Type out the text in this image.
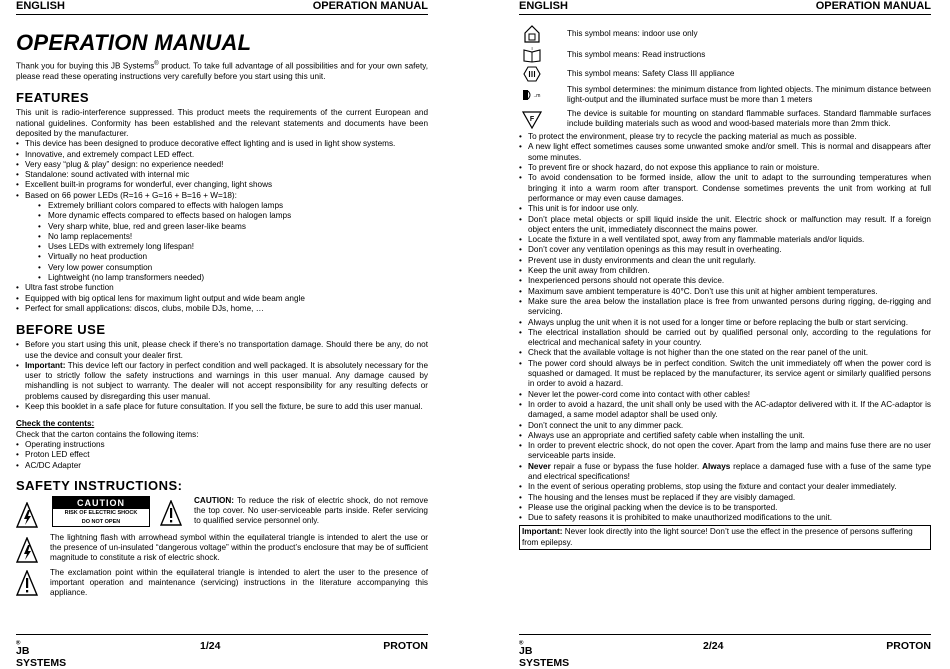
ENGLISH	OPERATION MANUAL
OPERATION MANUAL

Thank you for buying this JB Systems® product. To take full advantage of all possibilities and for your own safety, please read these operating instructions very carefully before you start using this unit.

FEATURES

This unit is radio-interference suppressed. This product meets the requirements of the current European and national guidelines. Conformity has been established and the relevant statements and documents have been deposited by the manufacturer.

• This device has been designed to produce decorative effect lighting and is used in light show systems.
• Innovative, and extremely compact LED effect.
• Very easy “plug & play” design: no experience needed!
• Standalone: sound activated with internal mic
• Excellent built-in programs for wonderful, ever changing, light shows
• Based on 66 power LEDs (R=16 + G=16 + B=16 + W=18):
• Extremely brilliant colors compared to effects with halogen lamps
• More dynamic effects compared to effects based on halogen lamps
• Very sharp white, blue, red and green laser-like beams
• No lamp replacements!
• Uses LEDs with extremely long lifespan!
• Virtually no heat production
• Very low power consumption
• Lightweight (no lamp transformers needed)
• Ultra fast strobe function
• Equipped with big optical lens for maximum light output and wide beam angle
• Perfect for small applications: discos, clubs, mobile DJs, home, …
BEFORE USE
• Before you start using this unit, please check if there’s no transportation damage. Should there be any, do not use the device and consult your dealer first.
• Important: This device left our factory in perfect condition and well packaged. It is absolutely necessary for the user to strictly follow the safety instructions and warnings in this user manual. Any damage caused by mishandling is not subject to warranty. The dealer will not accept responsibility for any resulting defects or problems caused by disregarding this user manual.
• Keep this booklet in a safe place for future consultation. If you sell the fixture, be sure to add this user manual.
Check the contents:

Check that the carton contains the following items:

• Operating instructions
• Proton LED effect
• AC/DC Adapter
SAFETY INSTRUCTIONS:
CAUTION
RISK OF ELECTRIC SHOCK
DO NOT OPEN

CAUTION: To reduce the risk of electric shock, do not remove the top cover. No user-serviceable parts inside. Refer servicing to qualified service personnel only.

The lightning flash with arrowhead symbol within the equilateral triangle is intended to alert the use or the presence of un-insulated “dangerous voltage” within the product’s enclosure that may be of sufficient magnitude to constitute a risk of electric shock.

The exclamation point within the equilateral triangle is intended to alert the user to the presence of important operation and maintenance (servicing) instructions in the literature accompanying this appliance.

JB SYSTEMS
®	1/24	PROTON
ENGLISH	OPERATION MANUAL
This symbol means: indoor use only
i
This symbol means: Read instructions
This symbol means: Safety Class III appliance
..m
This symbol determines: the minimum distance from lighted objects. The minimum distance between light-output and the illuminated surface must be more than 1 meters
F
The device is suitable for mounting on standard flammable surfaces. Standard flammable surfaces include building materials such as wood and wood-based materials more than 2mm thick.
• To protect the environment, please try to recycle the packing material as much as possible.
• A new light effect sometimes causes some unwanted smoke and/or smell. This is normal and disappears after some minutes.
• To prevent fire or shock hazard, do not expose this appliance to rain or moisture.
• To avoid condensation to be formed inside, allow the unit to adapt to the surrounding temperatures when bringing it into a warm room after transport. Condense sometimes prevents the unit from working at full performance or may even cause damages.
• This unit is for indoor use only.
• Don’t place metal objects or spill liquid inside the unit. Electric shock or malfunction may result. If a foreign object enters the unit, immediately disconnect the mains power.
• Locate the fixture in a well ventilated spot, away from any flammable materials and/or liquids.
• Don’t cover any ventilation openings as this may result in overheating.
• Prevent use in dusty environments and clean the unit regularly.
• Keep the unit away from children.
• Inexperienced persons should not operate this device.
• Maximum save ambient temperature is 40°C. Don’t use this unit at higher ambient temperatures.
• Make sure the area below the installation place is free from unwanted persons during rigging, de-rigging and servicing.
• Always unplug the unit when it is not used for a longer time or before replacing the bulb or start servicing.
• The electrical installation should be carried out by qualified personal only, according to the regulations for electrical and mechanical safety in your country.
• Check that the available voltage is not higher than the one stated on the rear panel of the unit.
• The power cord should always be in perfect condition. Switch the unit immediately off when the power cord is squashed or damaged. It must be replaced by the manufacturer, its service agent or similarly qualified persons in order to avoid a hazard.
• Never let the power-cord come into contact with other cables!
• In order to avoid a hazard, the unit shall only be used with the AC-adaptor delivered with it. If the AC-adaptor is damaged, a same model adaptor shall be used only.
• Don’t connect the unit to any dimmer pack.
• Always use an appropriate and certified safety cable when installing the unit.
• In order to prevent electric shock, do not open the cover. Apart from the lamp and mains fuse there are no user serviceable parts inside.
• Never repair a fuse or bypass the fuse holder. Always replace a damaged fuse with a fuse of the same type and electrical specifications!
• In the event of serious operating problems, stop using the fixture and contact your dealer immediately.
• The housing and the lenses must be replaced if they are visibly damaged.
• Please use the original packing when the device is to be transported.
• Due to safety reasons it is prohibited to make unauthorized modifications to the unit.
Important: Never look directly into the light source! Don’t use the effect in the presence of persons suffering from epilepsy.
JB SYSTEMS
®	2/24	PROTON
